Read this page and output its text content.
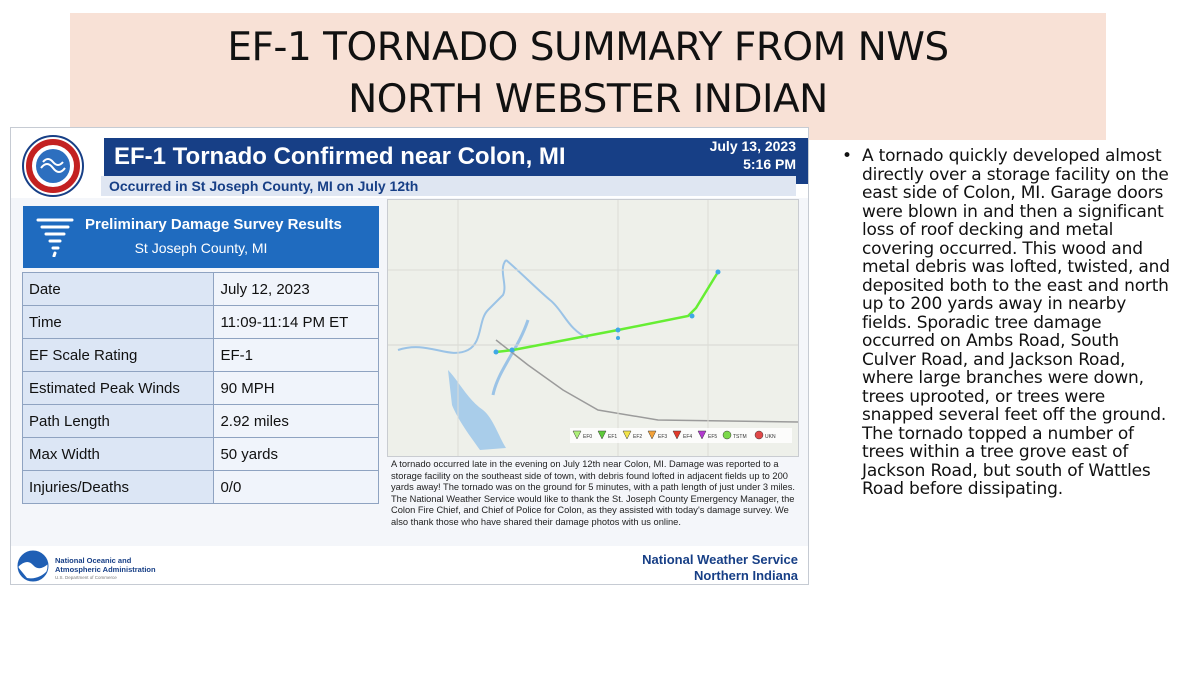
EF-1 TORNADO SUMMARY FROM NWS
NORTH WEBSTER INDIAN
EF-1 Tornado Confirmed near Colon, MI	July 13, 2023
5:16 PM
Occurred in St Joseph County, MI on July 12th
Preliminary Damage Survey Results
St Joseph County, MI
Date	July 12, 2023
Time	11:09-11:14 PM ET
EF Scale Rating	EF-1
Estimated Peak Winds	90 MPH
Path Length	2.92 miles
Max Width	50 yards
Injuries/Deaths	0/0
EF0	EF1	EF2	EF3	EF4	EF5	TSTM	UKN
A tornado occurred late in the evening on July 12th near Colon, MI. Damage was reported to a storage facility on the southeast side of town, with debris found lofted in adjacent fields up to 200 yards away! The tornado was on the ground for 5 minutes, with a path length of just under 3 miles. The National Weather Service would like to thank the St. Joseph County Emergency Manager, the Colon Fire Chief, and Chief of Police for Colon, as they assisted with today's damage survey. We also thank those who have shared their damage photos with us online.
National Oceanic and
Atmospheric Administration
U.S. Department of Commerce
National Weather Service
Northern Indiana
• A tornado quickly developed almost directly over a storage facility on the east side of Colon, MI. Garage doors were blown in and then a significant loss of roof decking and metal covering occurred. This wood and metal debris was lofted, twisted, and deposited both to the east and north up to 200 yards away in nearby fields. Sporadic tree damage occurred on Ambs Road, South Culver Road, and Jackson Road, where large branches were down, trees uprooted, or trees were snapped several feet off the ground. The tornado topped a number of trees within a tree grove east of Jackson Road, but south of Wattles Road before dissipating.
